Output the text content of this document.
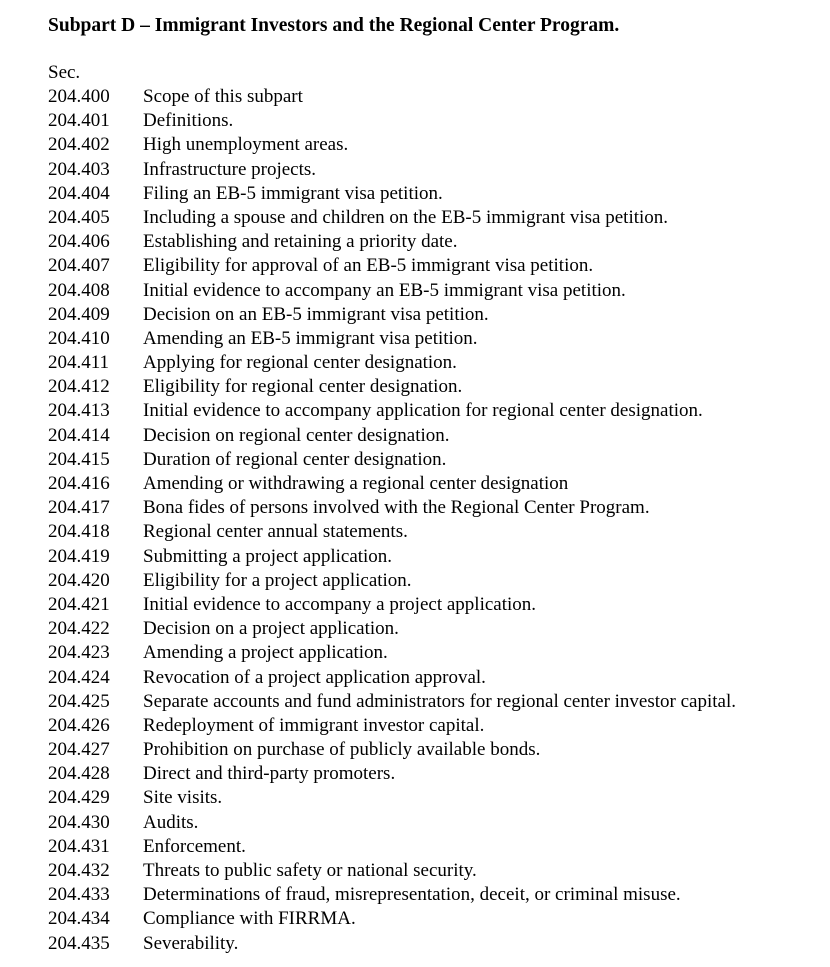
Subpart D – Immigrant Investors and the Regional Center Program.
Sec.
204.400	Scope of this subpart
204.401	Definitions.
204.402	High unemployment areas.
204.403	Infrastructure projects.
204.404	Filing an EB-5 immigrant visa petition.
204.405	Including a spouse and children on the EB-5 immigrant visa petition.
204.406	Establishing and retaining a priority date.
204.407	Eligibility for approval of an EB-5 immigrant visa petition.
204.408	Initial evidence to accompany an EB-5 immigrant visa petition.
204.409	Decision on an EB-5 immigrant visa petition.
204.410	Amending an EB-5 immigrant visa petition.
204.411	Applying for regional center designation.
204.412	Eligibility for regional center designation.
204.413	Initial evidence to accompany application for regional center designation.
204.414	Decision on regional center designation.
204.415	Duration of regional center designation.
204.416	Amending or withdrawing a regional center designation
204.417	Bona fides of persons involved with the Regional Center Program.
204.418	Regional center annual statements.
204.419	Submitting a project application.
204.420	Eligibility for a project application.
204.421	Initial evidence to accompany a project application.
204.422	Decision on a project application.
204.423	Amending a project application.
204.424	Revocation of a project application approval.
204.425	Separate accounts and fund administrators for regional center investor capital.
204.426	Redeployment of immigrant investor capital.
204.427	Prohibition on purchase of publicly available bonds.
204.428	Direct and third-party promoters.
204.429	Site visits.
204.430	Audits.
204.431	Enforcement.
204.432	Threats to public safety or national security.
204.433	Determinations of fraud, misrepresentation, deceit, or criminal misuse.
204.434	Compliance with FIRRMA.
204.435	Severability.
